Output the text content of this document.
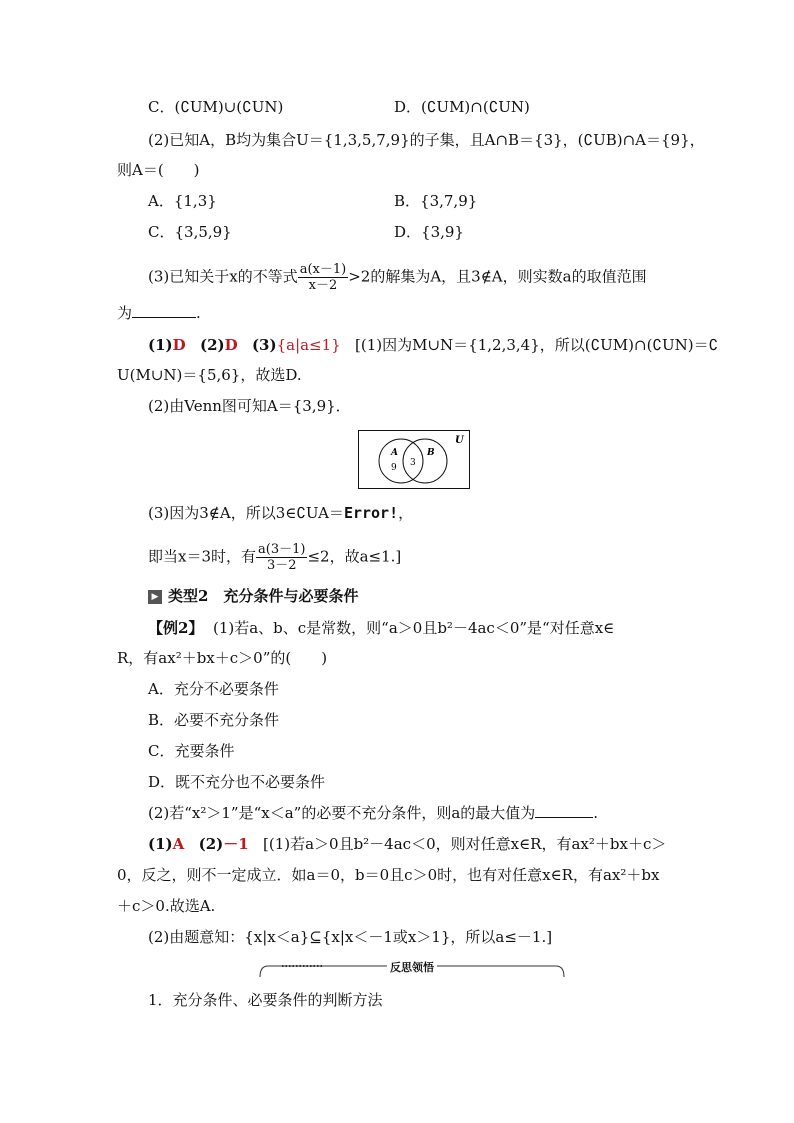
C．(∁UM)∪(∁UN)	D．(∁UM)∩(∁UN)
(2)已知A，B均为集合U＝{1,3,5,7,9}的子集，且A∩B＝{3}，(∁UB)∩A＝{9}，
则A＝(　　)
A．{1,3}	B．{3,7,9}
C．{3,5,9}	D．{3,9}
(3)已知关于x的不等式 $\frac{a(x-1)}{x-2} >2$的解集为A，且3∉A，则实数a的取值范围
为	.
(1)D (2)D (3){a|a≤1} [(1)因为M∪N＝{1,2,3,4}，所以(∁UM)∩(∁UN)＝∁
U(M∪N)＝{5,6}，故选D.
(2)由Venn图可知A＝{3,9}．
U
A	B
9 3
(3)因为3∉A，所以3∈∁UA＝Error!，
即当x＝3时，有 $\frac{a(3-1)}{3-2} \le 2$，故a≤1.]
▶ 类型2　充分条件与必要条件
【例2】 (1)若a、b、c是常数，则“a＞0且b²－4ac＜0”是“对任意x∈
R，有ax²＋bx＋c＞0”的(　　)
A．充分不必要条件
B．必要不充分条件
C．充要条件
D．既不充分也不必要条件
(2)若“x²＞1”是“x＜a”的必要不充分条件，则a的最大值为	.
(1)A (2)－1 [(1)若a＞0且b²－4ac＜0，则对任意x∈R，有ax²＋bx＋c＞
0，反之，则不一定成立．如a＝0，b＝0且c＞0时，也有对任意x∈R，有ax²＋bx
＋c＞0.故选A.
(2)由题意知：{x|x＜a}⊆{x|x＜－1或x＞1}，所以a≤－1.]
反思领悟
1．充分条件、必要条件的判断方法
